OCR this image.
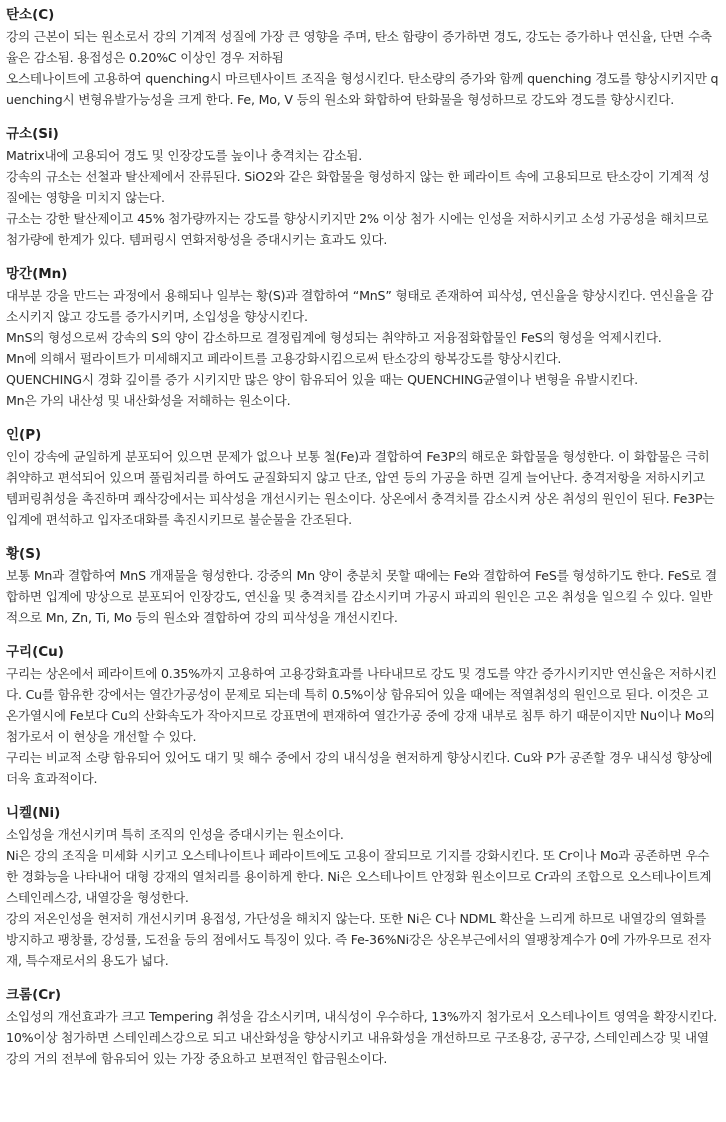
탄소(C)

강의 근본이 되는 원소로서 강의 기계적 성질에 가장 큰 영향을 주며, 탄소 함량이 증가하면 경도, 강도는 증가하나 연신율, 단면 수축율은 감소됨. 용접성은 0.20%C 이상인 경우 저하됨

오스테나이트에 고용하여 quenching시 마르텐사이트 조직을 형성시킨다. 탄소량의 증가와 함께 quenching 경도를 향상시키지만 quenching시 변형유발가능성을 크게 한다. Fe, Mo, V 등의 원소와 화합하여 탄화물을 형성하므로 강도와 경도를 향상시킨다.

규소(Si)

Matrix내에 고용되어 경도 및 인장강도를 높이나 충격치는 감소됨.

강속의 규소는 선철과 탈산제에서 잔류된다. SiO2와 같은 화합물을 형성하지 않는 한 페라이트 속에 고용되므로 탄소강이 기계적 성질에는 영향을 미치지 않는다.

규소는 강한 탈산제이고 45% 첨가량까지는 강도를 향상시키지만 2% 이상 첨가 시에는 인성을 저하시키고 소성 가공성을 해치므로 첨가량에 한계가 있다. 템퍼링시 연화저항성을 증대시키는 효과도 있다.

망간(Mn)

대부분 강을 만드는 과정에서 용해되나 일부는 황(S)과 결합하여 “MnS” 형태로 존재하여 피삭성, 연신율을 향상시킨다. 연신율을 감소시키지 않고 강도를 증가시키며, 소입성을 향상시킨다.

MnS의 형성으로써 강속의 S의 양이 감소하므로 결정립계에 형성되는 취약하고 저융점화합물인 FeS의 형성을 억제시킨다.

Mn에 의해서 펄라이트가 미세해지고 페라이트를 고용강화시킴으로써 탄소강의 항복강도를 향상시킨다.

QUENCHING시 경화 깊이를 증가 시키지만 많은 양이 함유되어 있을 때는 QUENCHING균열이나 변형을 유발시킨다.

Mn은 가의 내산성 및 내산화성을 저해하는 원소이다.

인(P)

인이 강속에 균일하게 분포되어 있으면 문제가 없으나 보통 철(Fe)과 결합하여 Fe3P의 해로운 화합물을 형성한다. 이 화합물은 극히 취약하고 편석되어 있으며 풀림처리를 하여도 균질화되지 않고 단조, 압연 등의 가공을 하면 길게 늘어난다. 충격저항을 저하시키고 템퍼링취성을 촉진하며 쾌삭강에서는 피삭성을 개선시키는 원소이다. 상온에서 충격치를 감소시켜 상온 취성의 원인이 된다. Fe3P는 입계에 편석하고 입자조대화를 촉진시키므로 불순물을 간조된다.

황(S)

보통 Mn과 결합하여 MnS 개재물을 형성한다. 강중의 Mn 양이 충분치 못할 때에는 Fe와 결합하여 FeS를 형성하기도 한다. FeS로 결합하면 입계에 망상으로 분포되어 인장강도, 연신율 및 충격치를 감소시키며 가공시 파괴의 원인은 고온 취성을 일으킬 수 있다. 일반적으로 Mn, Zn, Ti, Mo 등의 원소와 결합하여 강의 피삭성을 개선시킨다.

구리(Cu)

구리는 상온에서 페라이트에 0.35%까지 고용하여 고용강화효과를 나타내므로 강도 및 경도를 약간 증가시키지만 연신율은 저하시킨다. Cu를 함유한 강에서는 열간가공성이 문제로 되는데 특히 0.5%이상 함유되어 있을 때에는 적열취성의 원인으로 된다. 이것은 고온가열시에 Fe보다 Cu의 산화속도가 작아지므로 강표면에 편재하여 열간가공 중에 강재 내부로 침투 하기 때문이지만 Nu이나 Mo의 첨가로서 이 현상을 개선할 수 있다.

구리는 비교적 소량 함유되어 있어도 대기 및 해수 중에서 강의 내식성을 현저하게 향상시킨다. Cu와 P가 공존할 경우 내식성 향상에 더욱 효과적이다.

니켈(Ni)

소입성을 개선시키며 특히 조직의 인성을 증대시키는 원소이다.

Ni은 강의 조직을 미세화 시키고 오스테나이트나 페라이트에도 고용이 잘되므로 기지를 강화시킨다. 또 Cr이나 Mo과 공존하면 우수한 경화능을 나타내어 대형 강재의 열처리를 용이하게 한다. Ni은 오스테나이트 안정화 원소이므로 Cr과의 조합으로 오스테나이트계 스테인레스강, 내열강을 형성한다.

강의 저온인성을 현저히 개선시키며 용접성, 가단성을 해치지 않는다. 또한 Ni은 C나 NDML 확산을 느리게 하므로 내열강의 열화를 방지하고 팽창률, 강성률, 도전율 등의 점에서도 특징이 있다. 즉 Fe-36%Ni강은 상온부근에서의 열팽창계수가 0에 가까우므로 전자재, 특수재로서의 용도가 넓다.

크롬(Cr)

소입성의 개선효과가 크고 Tempering 취성을 감소시키며, 내식성이 우수하다, 13%까지 첨가로서 오스테나이트 영역을 확장시킨다. 10%이상 첨가하면 스테인레스강으로 되고 내산화성을 향상시키고 내유화성을 개선하므로 구조용강, 공구강, 스테인레스강 및 내열강의 거의 전부에 함유되어 있는 가장 중요하고 보편적인 합금원소이다.
